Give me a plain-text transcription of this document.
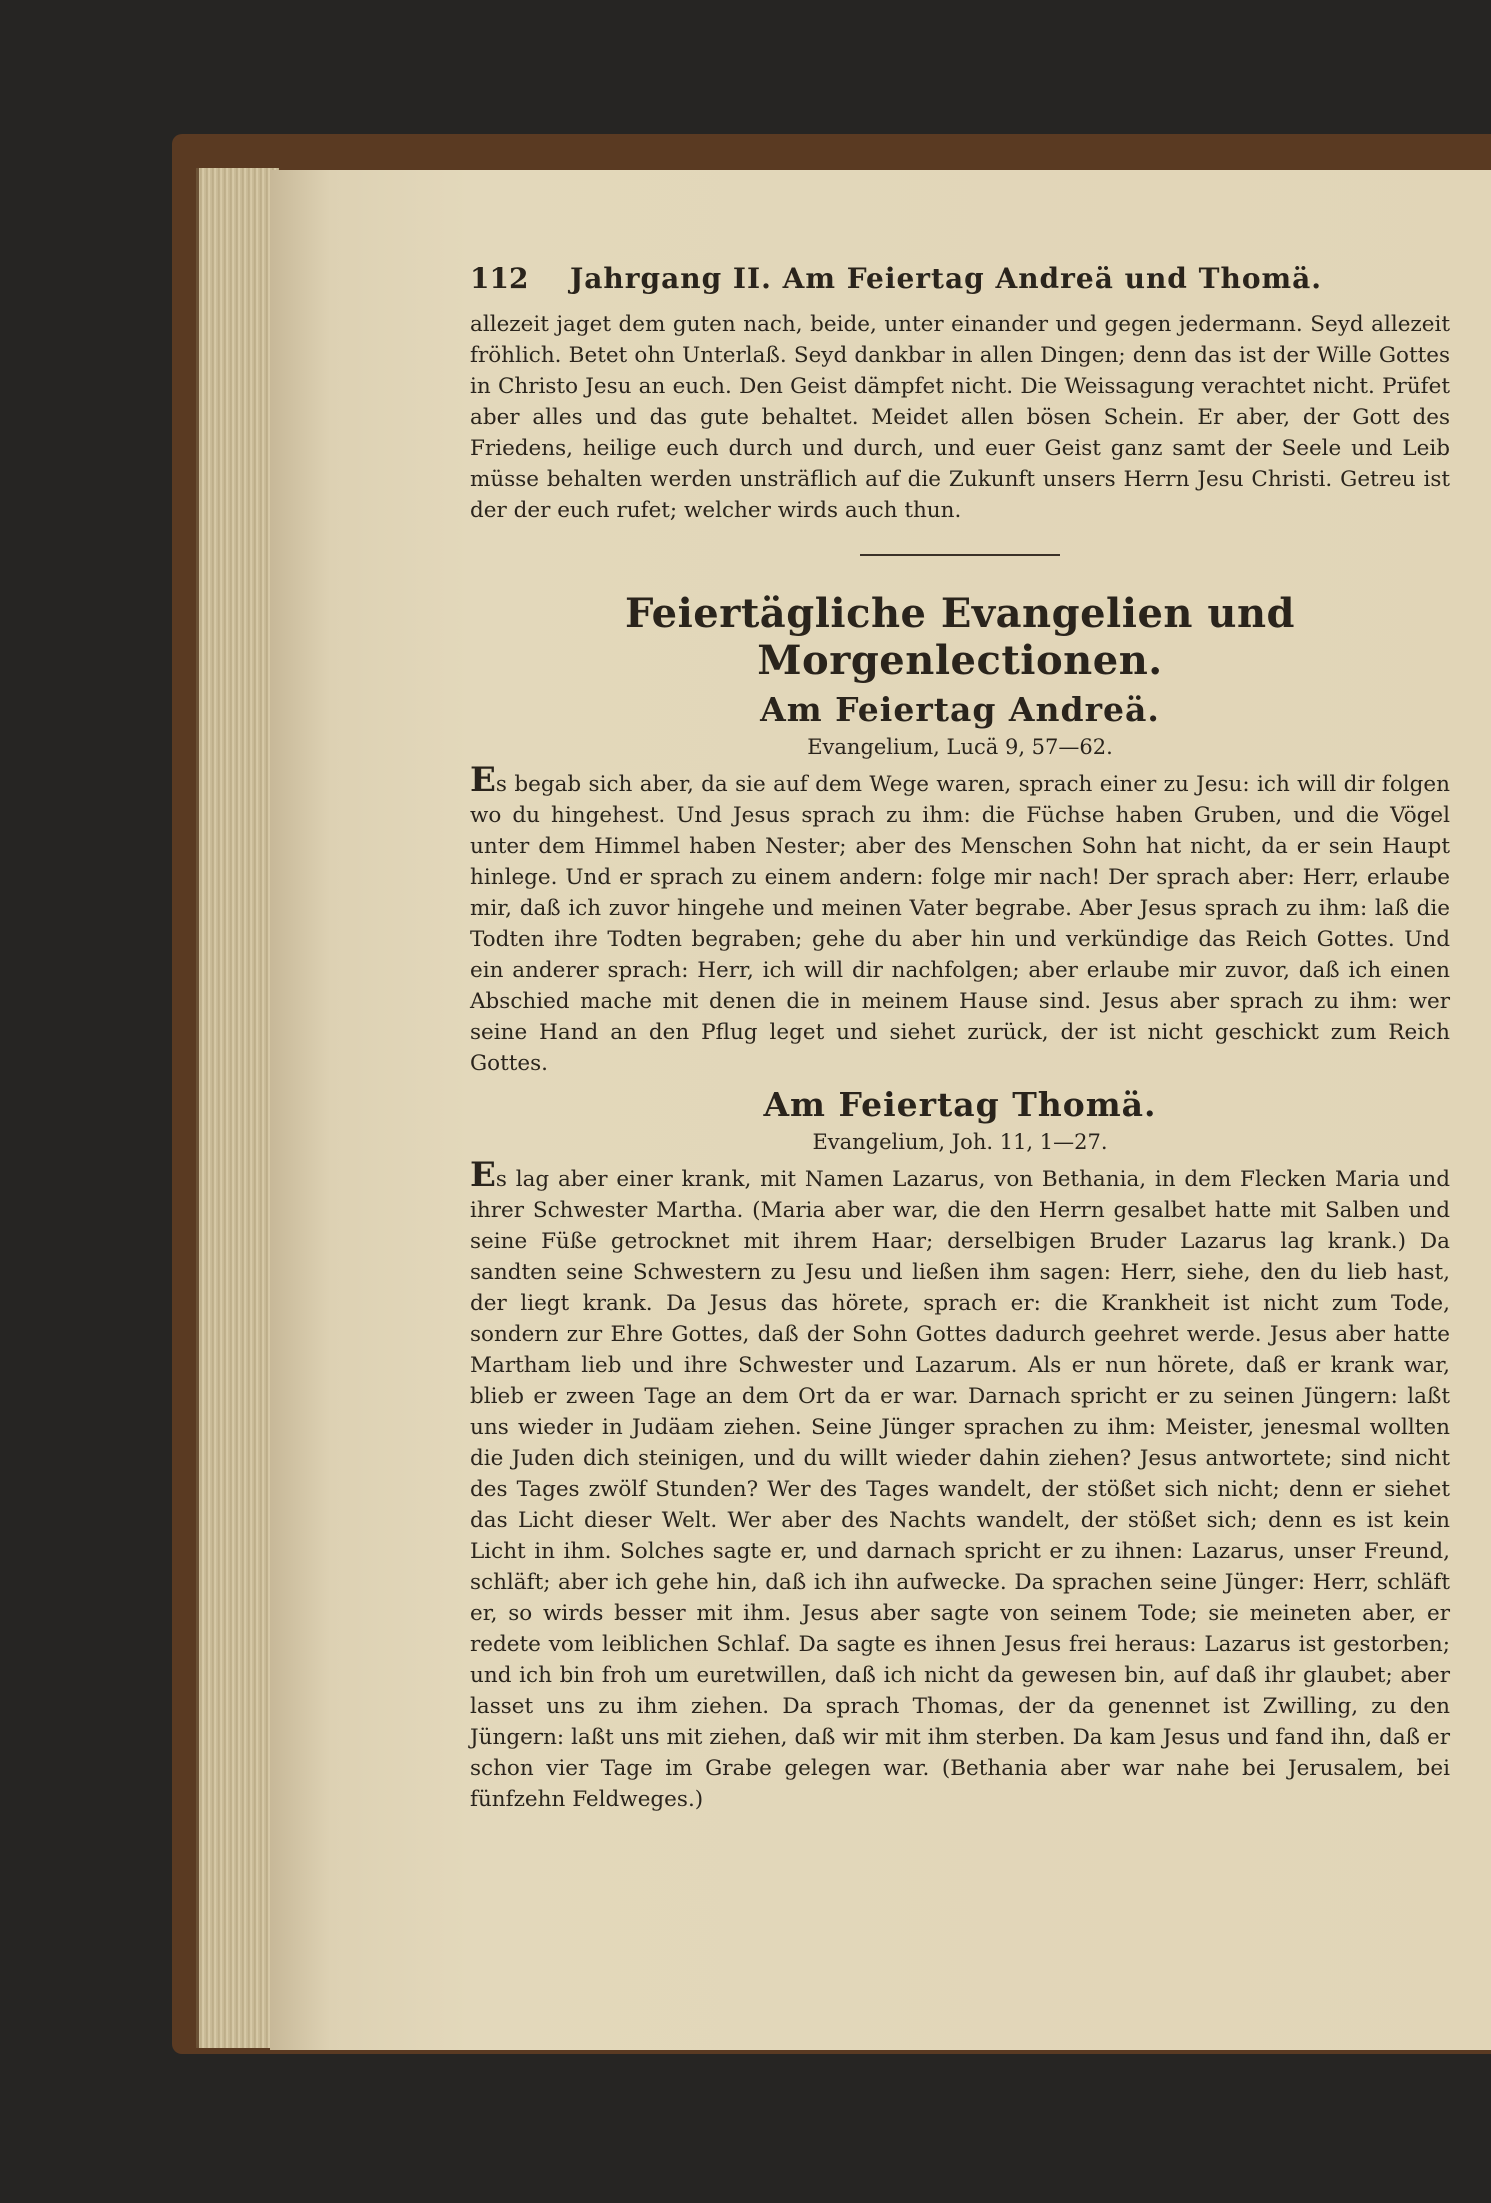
112	Jahrgang II. Am Feiertag Andreä und Thomä.

allezeit jaget dem guten nach, beide, unter einander und gegen jedermann. Seyd allezeit fröhlich. Betet ohn Unterlaß. Seyd dankbar in allen Dingen; denn das ist der Wille Gottes in Christo Jesu an euch. Den Geist dämpfet nicht. Die Weissagung verachtet nicht. Prüfet aber alles und das gute behaltet. Meidet allen bösen Schein. Er aber, der Gott des Friedens, heilige euch durch und durch, und euer Geist ganz samt der Seele und Leib müsse behalten werden unsträflich auf die Zukunft unsers Herrn Jesu Christi. Getreu ist der der euch rufet; welcher wirds auch thun.

Feiertägliche Evangelien und Morgenlectionen.
Am Feiertag Andreä.
Evangelium, Lucä 9, 57—62.

Es begab sich aber, da sie auf dem Wege waren, sprach einer zu Jesu: ich will dir folgen wo du hingehest. Und Jesus sprach zu ihm: die Füchse haben Gruben, und die Vögel unter dem Himmel haben Nester; aber des Menschen Sohn hat nicht, da er sein Haupt hinlege. Und er sprach zu einem andern: folge mir nach! Der sprach aber: Herr, erlaube mir, daß ich zuvor hingehe und meinen Vater begrabe. Aber Jesus sprach zu ihm: laß die Todten ihre Todten begraben; gehe du aber hin und verkündige das Reich Gottes. Und ein anderer sprach: Herr, ich will dir nachfolgen; aber erlaube mir zuvor, daß ich einen Abschied mache mit denen die in meinem Hause sind. Jesus aber sprach zu ihm: wer seine Hand an den Pflug leget und siehet zurück, der ist nicht geschickt zum Reich Gottes.

Am Feiertag Thomä.
Evangelium, Joh. 11, 1—27.

Es lag aber einer krank, mit Namen Lazarus, von Bethania, in dem Flecken Maria und ihrer Schwester Martha. (Maria aber war, die den Herrn gesalbet hatte mit Salben und seine Füße getrocknet mit ihrem Haar; derselbigen Bruder Lazarus lag krank.) Da sandten seine Schwestern zu Jesu und ließen ihm sagen: Herr, siehe, den du lieb hast, der liegt krank. Da Jesus das hörete, sprach er: die Krankheit ist nicht zum Tode, sondern zur Ehre Gottes, daß der Sohn Gottes dadurch geehret werde. Jesus aber hatte Martham lieb und ihre Schwester und Lazarum. Als er nun hörete, daß er krank war, blieb er zween Tage an dem Ort da er war. Darnach spricht er zu seinen Jüngern: laßt uns wieder in Judäam ziehen. Seine Jünger sprachen zu ihm: Meister, jenesmal wollten die Juden dich steinigen, und du willt wieder dahin ziehen? Jesus antwortete; sind nicht des Tages zwölf Stunden? Wer des Tages wandelt, der stößet sich nicht; denn er siehet das Licht dieser Welt. Wer aber des Nachts wandelt, der stößet sich; denn es ist kein Licht in ihm. Solches sagte er, und darnach spricht er zu ihnen: Lazarus, unser Freund, schläft; aber ich gehe hin, daß ich ihn aufwecke. Da sprachen seine Jünger: Herr, schläft er, so wirds besser mit ihm. Jesus aber sagte von seinem Tode; sie meineten aber, er redete vom leiblichen Schlaf. Da sagte es ihnen Jesus frei heraus: Lazarus ist gestorben; und ich bin froh um euretwillen, daß ich nicht da gewesen bin, auf daß ihr glaubet; aber lasset uns zu ihm ziehen. Da sprach Thomas, der da genennet ist Zwilling, zu den Jüngern: laßt uns mit ziehen, daß wir mit ihm sterben. Da kam Jesus und fand ihn, daß er schon vier Tage im Grabe gelegen war. (Bethania aber war nahe bei Jerusalem, bei fünfzehn Feldweges.)
